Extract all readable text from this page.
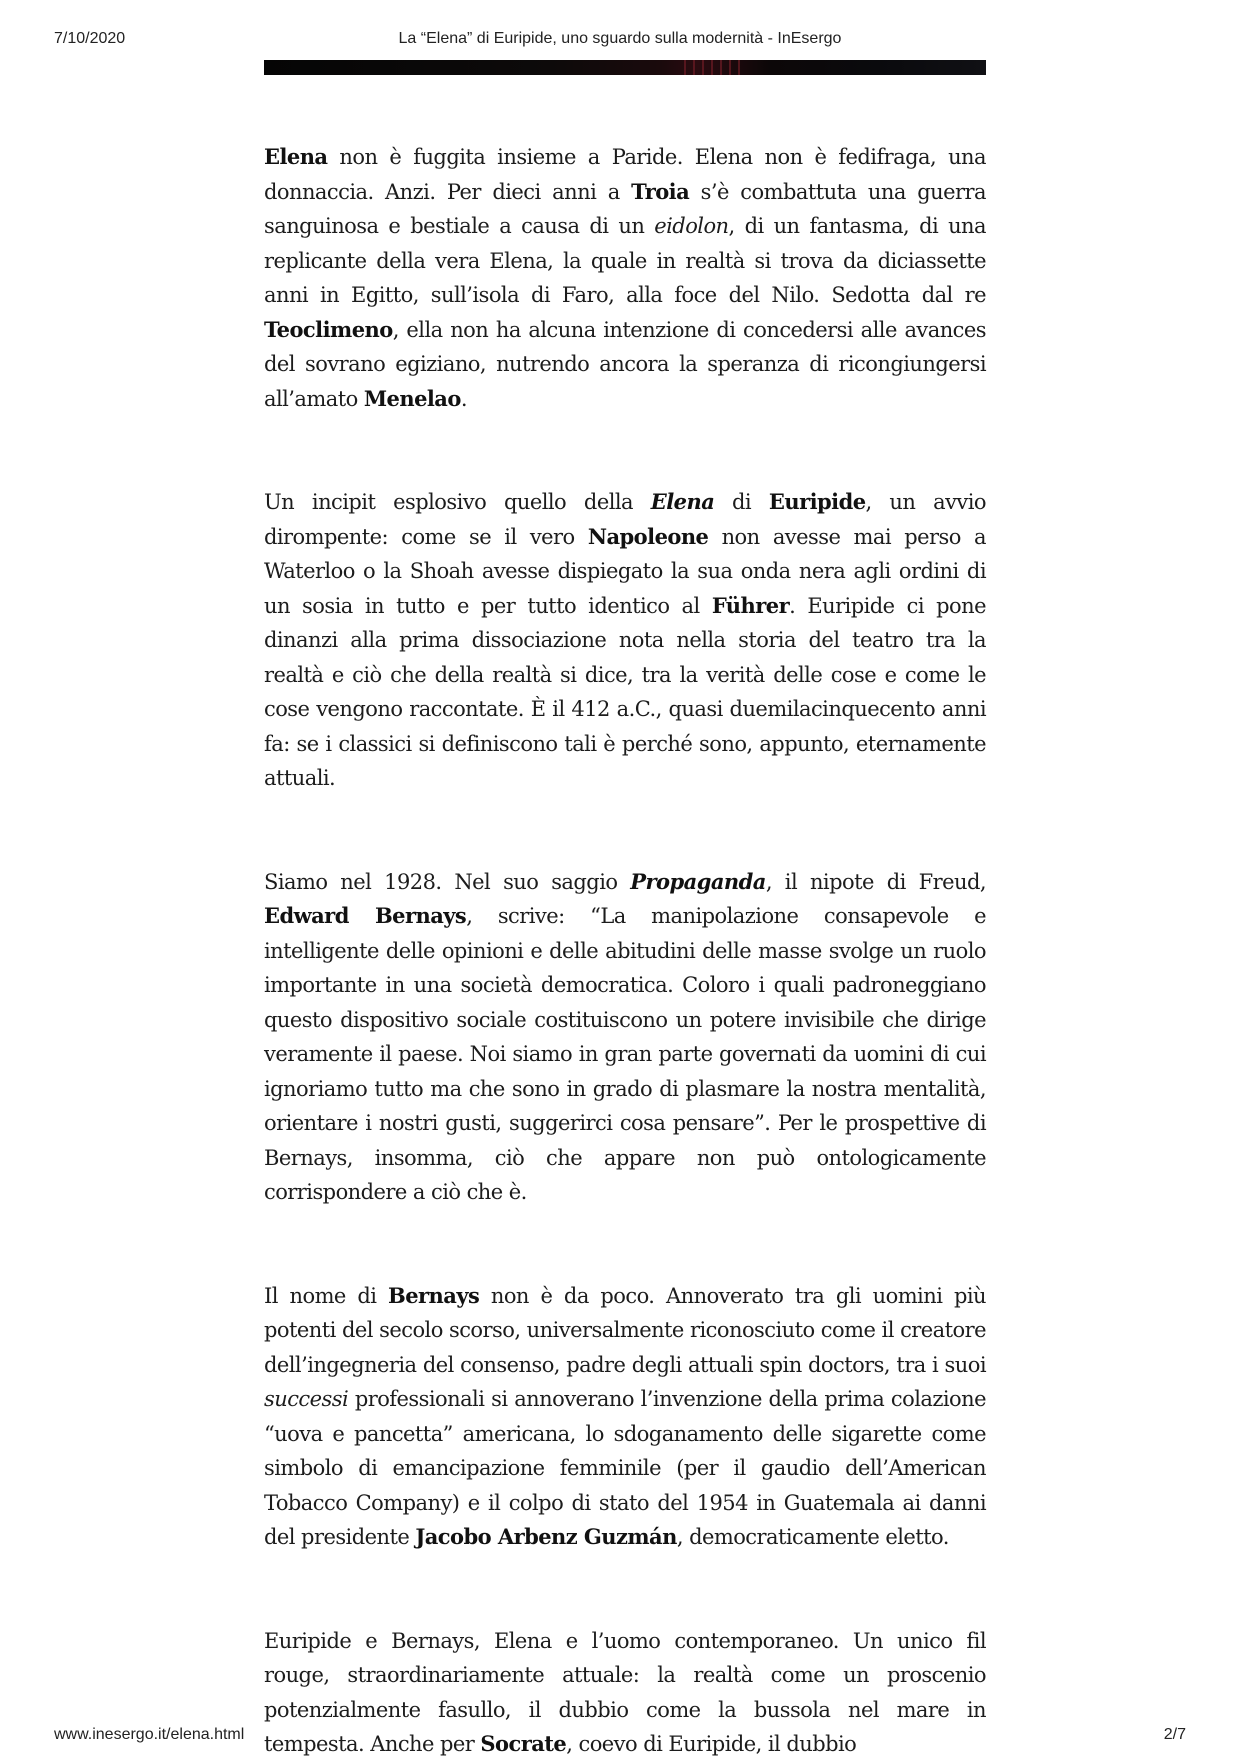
7/10/2020	La “Elena” di Euripide, uno sguardo sulla modernità - InEsergo

Elena non è fuggita insieme a Paride. Elena non è fedifraga, una donnaccia. Anzi. Per dieci anni a Troia s’è combattuta una guerra sanguinosa e bestiale a causa di un eidolon, di un fantasma, di una replicante della vera Elena, la quale in realtà si trova da diciassette anni in Egitto, sull’isola di Faro, alla foce del Nilo. Sedotta dal re Teoclimeno, ella non ha alcuna intenzione di concedersi alle avances del sovrano egiziano, nutrendo ancora la speranza di ricongiungersi all’amato Menelao.

Un incipit esplosivo quello della Elena di Euripide, un avvio dirompente: come se il vero Napoleone non avesse mai perso a Waterloo o la Shoah avesse dispiegato la sua onda nera agli ordini di un sosia in tutto e per tutto identico al Führer. Euripide ci pone dinanzi alla prima dissociazione nota nella storia del teatro tra la realtà e ciò che della realtà si dice, tra la verità delle cose e come le cose vengono raccontate. È il 412 a.C., quasi duemilacinquecento anni fa: se i classici si definiscono tali è perché sono, appunto, eternamente attuali.

Siamo nel 1928. Nel suo saggio Propaganda, il nipote di Freud, Edward Bernays, scrive: “La manipolazione consapevole e intelligente delle opinioni e delle abitudini delle masse svolge un ruolo importante in una società democratica. Coloro i quali padroneggiano questo dispositivo sociale costituiscono un potere invisibile che dirige veramente il paese. Noi siamo in gran parte governati da uomini di cui ignoriamo tutto ma che sono in grado di plasmare la nostra mentalità, orientare i nostri gusti, suggerirci cosa pensare”. Per le prospettive di Bernays, insomma, ciò che appare non può ontologicamente corrispondere a ciò che è.

Il nome di Bernays non è da poco. Annoverato tra gli uomini più potenti del secolo scorso, universalmente riconosciuto come il creatore dell’ingegneria del consenso, padre degli attuali spin doctors, tra i suoi successi professionali si annoverano l’invenzione della prima colazione “uova e pancetta” americana, lo sdoganamento delle sigarette come simbolo di emancipazione femminile (per il gaudio dell’American Tobacco Company) e il colpo di stato del 1954 in Guatemala ai danni del presidente Jacobo Arbenz Guzmán, democraticamente eletto.

Euripide e Bernays, Elena e l’uomo contemporaneo. Un unico fil rouge, straordinariamente attuale: la realtà come un proscenio potenzialmente fasullo, il dubbio come la bussola nel mare in tempesta. Anche per Socrate, coevo di Euripide, il dubbio

www.inesergo.it/elena.html	2/7
